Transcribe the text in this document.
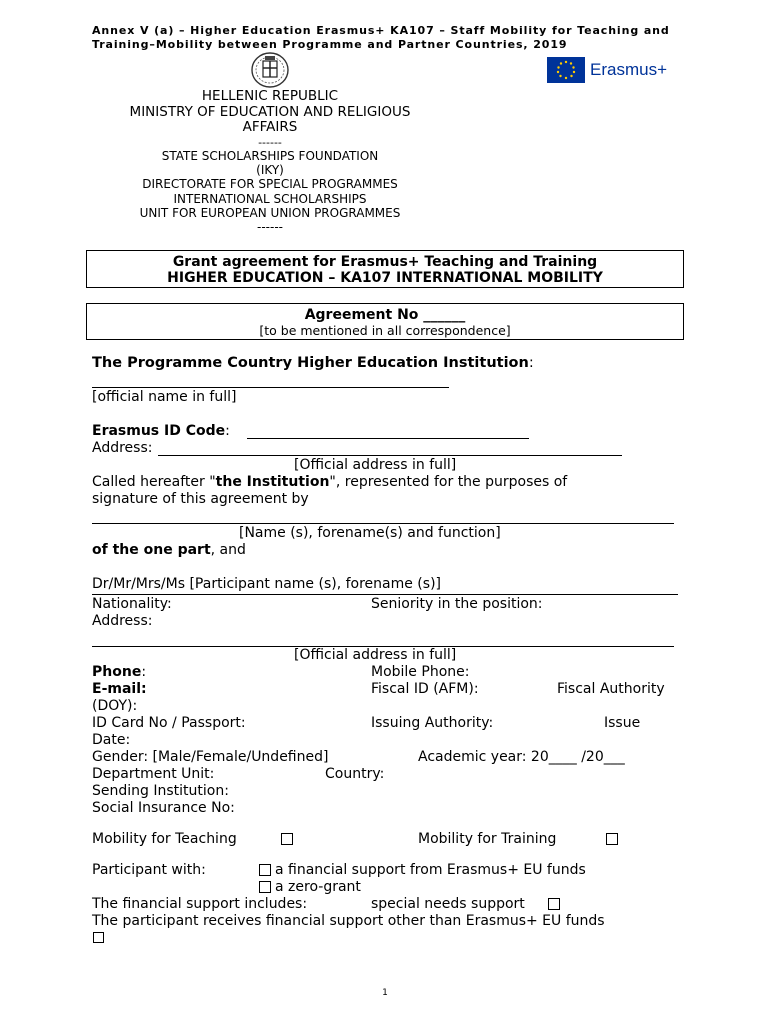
Annex V (a) – Higher Education Erasmus+ KA107 – Staff Mobility for Teaching and
Training–Mobility between Programme and Partner Countries, 2019
Erasmus+
HELLENIC REPUBLIC
MINISTRY OF EDUCATION AND RELIGIOUS
AFFAIRS
------
STATE SCHOLARSHIPS FOUNDATION
(IKY)
DIRECTORATE FOR SPECIAL PROGRAMMES
INTERNATIONAL SCHOLARSHIPS
UNIT FOR EUROPEAN UNION PROGRAMMES
------
Grant agreement for Erasmus+ Teaching and Training
HIGHER EDUCATION – KA107 INTERNATIONAL MOBILITY
Agreement No ______
[to be mentioned in all correspondence]
The Programme Country Higher Education Institution:
[official name in full]
Erasmus ID Code:
Address:
[Official address in full]
Called hereafter "the Institution", represented for the purposes of
signature of this agreement by
[Name (s), forename(s) and function]
of the one part, and
Dr/Mr/Mrs/Ms [Participant name (s), forename (s)]
Nationality:	Seniority in the position:
Address:
[Official address in full]
Phone:	Mobile Phone:
E-mail:	Fiscal ID (AFM):	Fiscal Authority
(DOY):
ID Card No / Passport:	Issuing Authority:	Issue
Date:
Gender: [Male/Female/Undefined]	Academic year: 20____ /20___
Department Unit:	Country:
Sending Institution:
Social Insurance No:
Mobility for Teaching	Mobility for Training
Participant with:	a financial support from Erasmus+ EU funds
a zero-grant
The financial support includes:	special needs support
The participant receives financial support other than Erasmus+ EU funds
1
